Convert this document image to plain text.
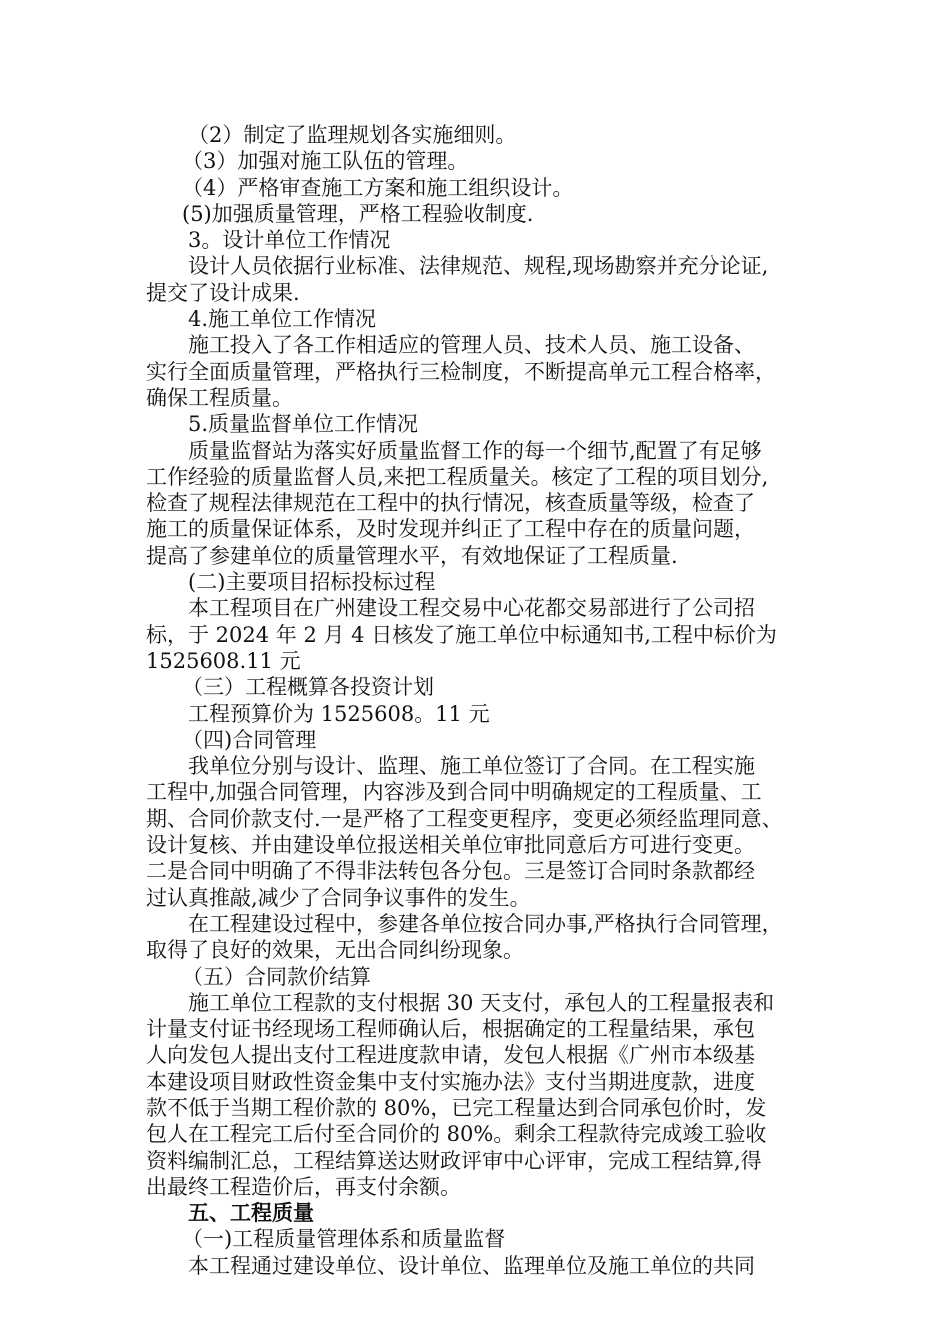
（2）制定了监理规划各实施细则。
（3）加强对施工队伍的管理。
（4）严格审查施工方案和施工组织设计。
(5)加强质量管理，严格工程验收制度.
3。设计单位工作情况
设计人员依据行业标准、法律规范、规程,现场勘察并充分论证,
提交了设计成果.
4.施工单位工作情况
施工投入了各工作相适应的管理人员、技术人员、施工设备、
实行全面质量管理，严格执行三检制度，不断提高单元工程合格率，
确保工程质量。
5.质量监督单位工作情况
质量监督站为落实好质量监督工作的每一个细节,配置了有足够
工作经验的质量监督人员,来把工程质量关。核定了工程的项目划分,
检查了规程法律规范在工程中的执行情况，核查质量等级，检查了
施工的质量保证体系，及时发现并纠正了工程中存在的质量问题，
提高了参建单位的质量管理水平，有效地保证了工程质量.
(二)主要项目招标投标过程
本工程项目在广州建设工程交易中心花都交易部进行了公司招
标，于 2024 年 2 月 4 日核发了施工单位中标通知书,工程中标价为
1525608.11 元
（三）工程概算各投资计划
工程预算价为 1525608。11 元
（四)合同管理
我单位分别与设计、监理、施工单位签订了合同。在工程实施
工程中,加强合同管理，内容涉及到合同中明确规定的工程质量、工
期、合同价款支付.一是严格了工程变更程序，变更必须经监理同意、
设计复核、并由建设单位报送相关单位审批同意后方可进行变更。
二是合同中明确了不得非法转包各分包。三是签订合同时条款都经
过认真推敲,减少了合同争议事件的发生。
在工程建设过程中，参建各单位按合同办事,严格执行合同管理，
取得了良好的效果，无出合同纠纷现象。
（五）合同款价结算
施工单位工程款的支付根据 30 天支付，承包人的工程量报表和
计量支付证书经现场工程师确认后，根据确定的工程量结果，承包
人向发包人提出支付工程进度款申请，发包人根据《广州市本级基
本建设项目财政性资金集中支付实施办法》支付当期进度款，进度
款不低于当期工程价款的 80%，已完工程量达到合同承包价时，发
包人在工程完工后付至合同价的 80%。剩余工程款待完成竣工验收
资料编制汇总，工程结算送达财政评审中心评审，完成工程结算,得
出最终工程造价后，再支付余额。
五、工程质量
（一)工程质量管理体系和质量监督
本工程通过建设单位、设计单位、监理单位及施工单位的共同
